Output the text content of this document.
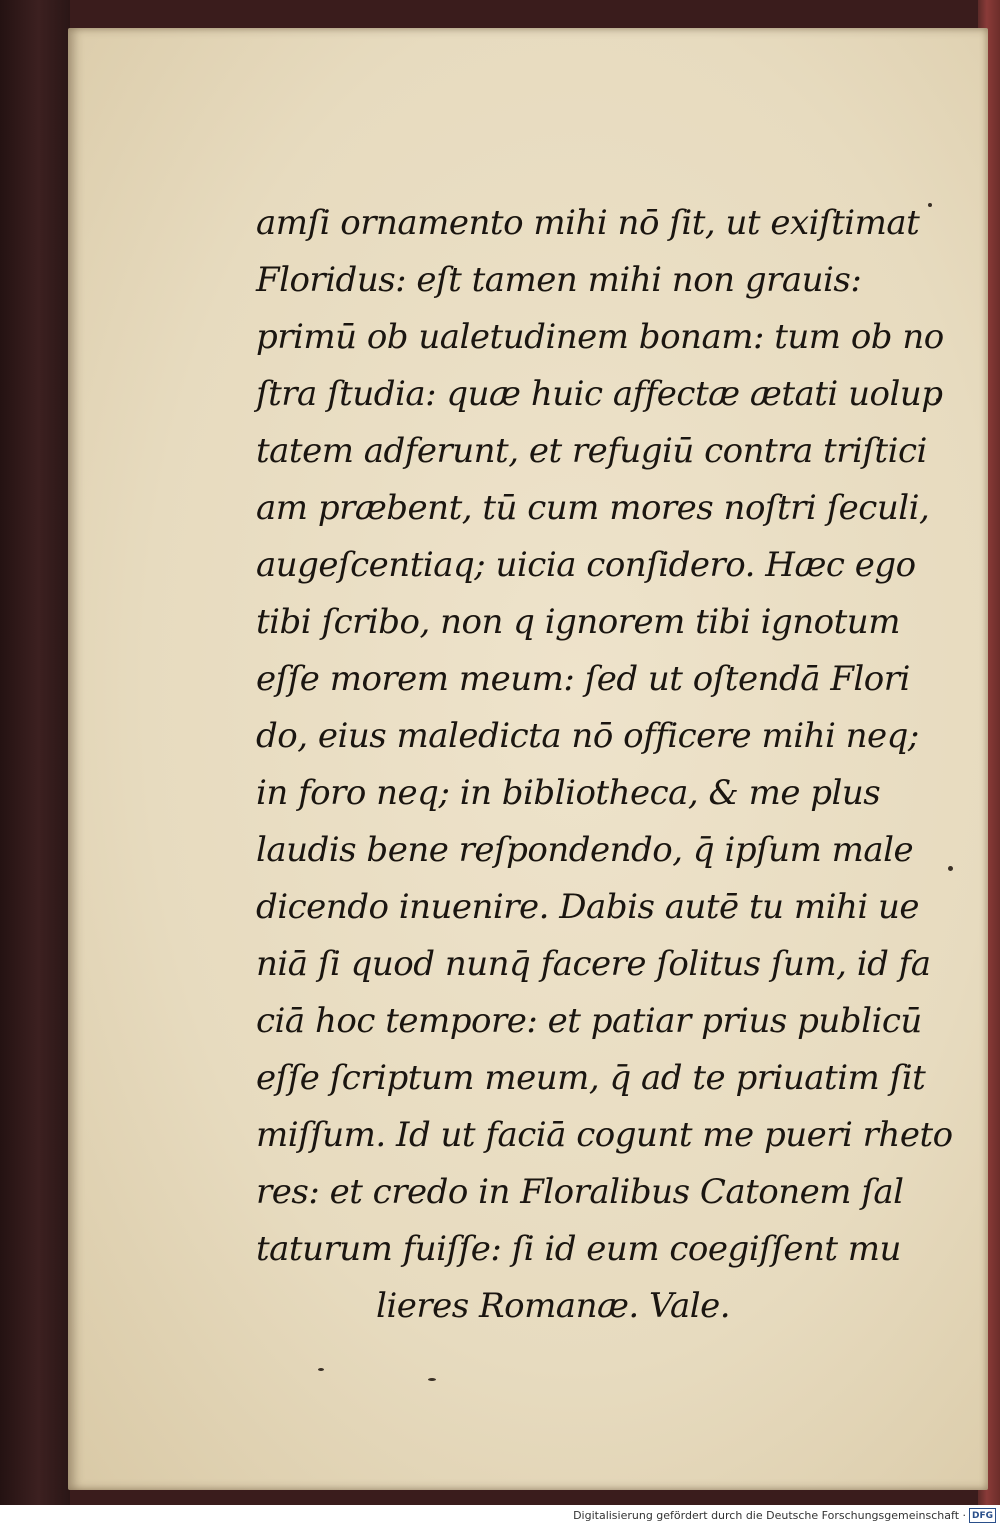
amſi ornamento mihi nō ſit, ut exiſtimat
Floridus: eſt tamen mihi non grauis:
primū ob ualetudinem bonam: tum ob no
ſtra ſtudia: quæ huic affectæ ætati uolup
tatem adferunt, et refugiū contra triſtici
am præbent, tū cum mores noſtri ſeculi,
augeſcentiaq; uicia conſidero. Hæc ego
tibi ſcribo, non q ignorem tibi ignotum
eſſe morem meum: ſed ut oſtendā Flori
do, eius maledicta nō officere mihi neq;
in foro neq; in bibliotheca, & me plus
laudis bene reſpondendo, q̄ ipſum male
dicendo inuenire. Dabis autē tu mihi ue
niā ſi quod nunq̄ facere ſolitus ſum, id fa
ciā hoc tempore: et patiar prius publicū
eſſe ſcriptum meum, q̄ ad te priuatim ſit
miſſum. Id ut faciā cogunt me pueri rheto
res: et credo in Floralibus Catonem ſal
taturum fuiſſe: ſi id eum coegiſſent mu
lieres Romanæ. Vale.
Digitalisierung gefördert durch die Deutsche Forschungsgemeinschaft · DFG
